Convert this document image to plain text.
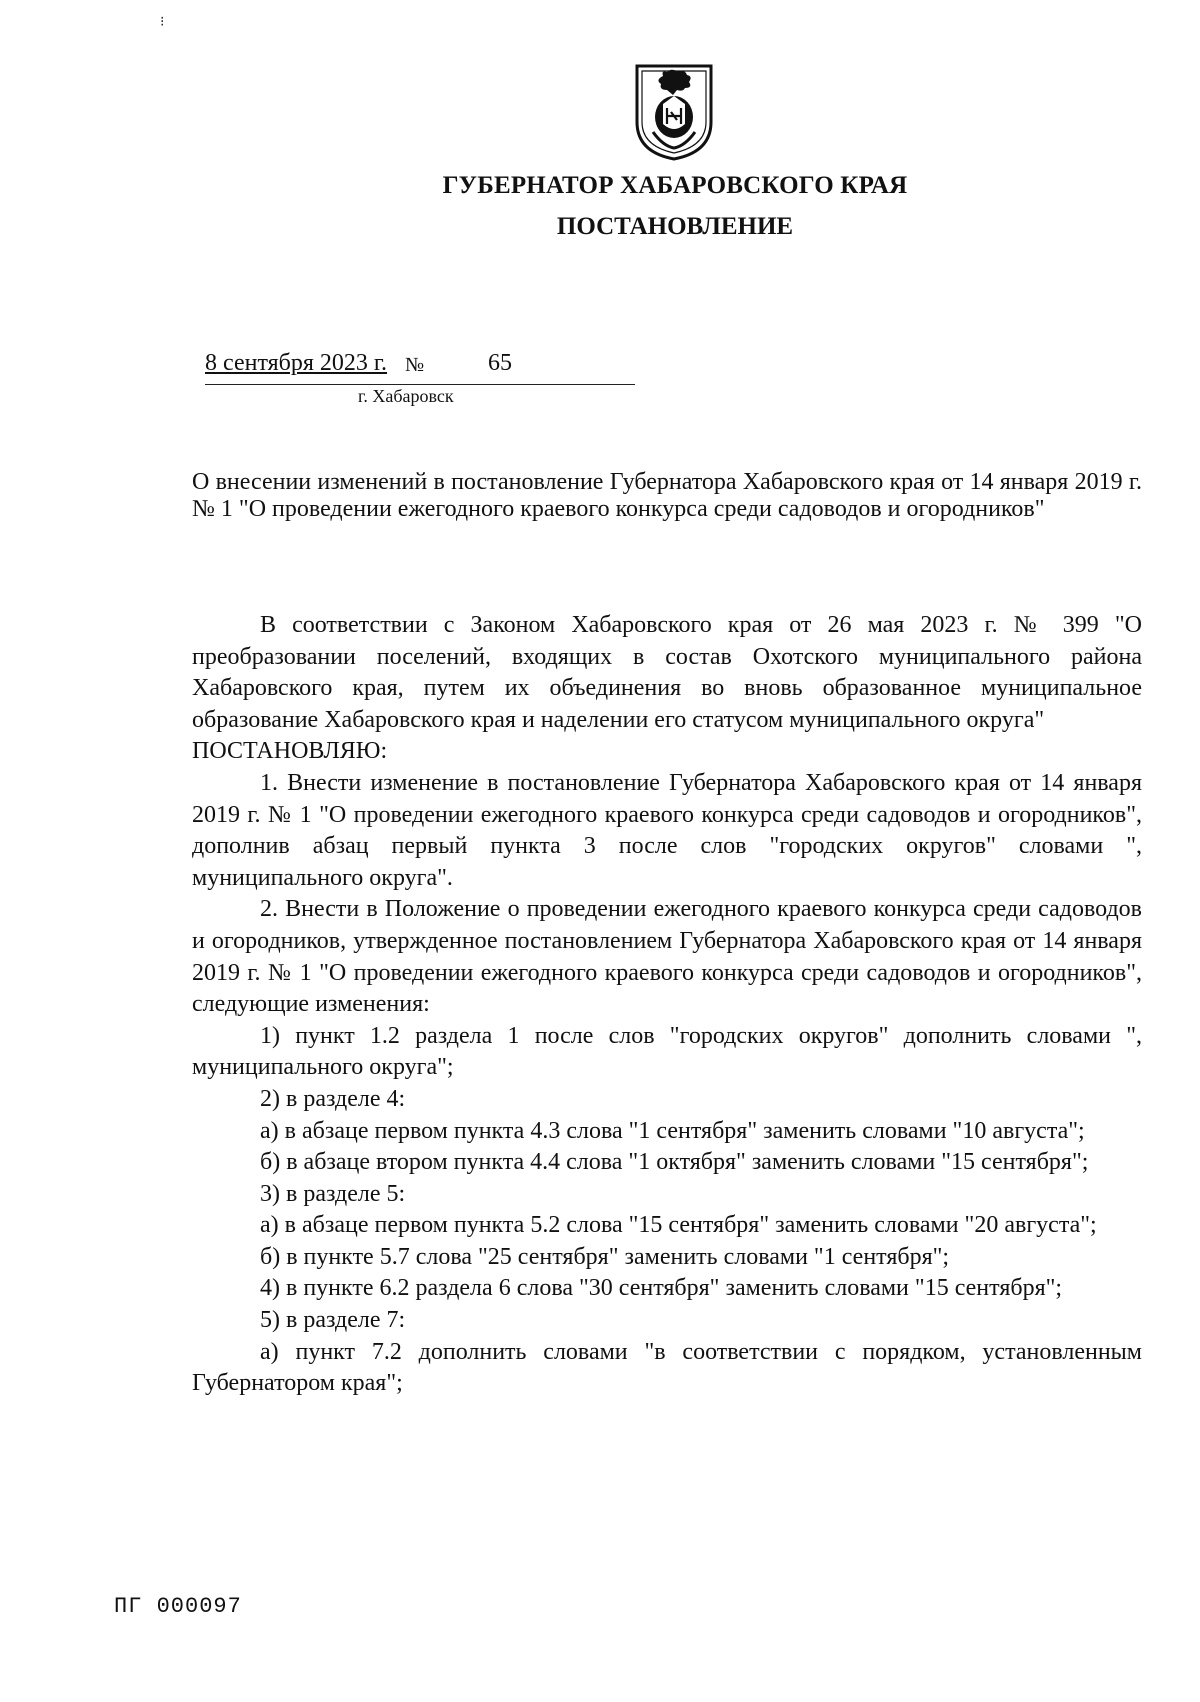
⁝
ГУБЕРНАТОР ХАБАРОВСКОГО КРАЯ
ПОСТАНОВЛЕНИЕ
8 сентября 2023 г. №	65
г. Хабаровск
О внесении изменений в постановление Губернатора Хабаровского края от 14 января 2019 г. № 1 "О проведении ежегодного краевого конкурса среди садоводов и огородников"

В соответствии с Законом Хабаровского края от 26 мая 2023 г. № 399 "О преобразовании поселений, входящих в состав Охотского муниципального района Хабаровского края, путем их объединения во вновь образованное муниципальное образование Хабаровского края и наделении его статусом муниципального округа"

ПОСТАНОВЛЯЮ:

1. Внести изменение в постановление Губернатора Хабаровского края от 14 января 2019 г. № 1 "О проведении ежегодного краевого конкурса среди садоводов и огородников", дополнив абзац первый пункта 3 после слов "городских округов" словами ", муниципального округа".

2. Внести в Положение о проведении ежегодного краевого конкурса среди садоводов и огородников, утвержденное постановлением Губернатора Хабаровского края от 14 января 2019 г. № 1 "О проведении ежегодного краевого конкурса среди садоводов и огородников", следующие изменения:

1) пункт 1.2 раздела 1 после слов "городских округов" дополнить словами ", муниципального округа";

2) в разделе 4:

а) в абзаце первом пункта 4.3 слова "1 сентября" заменить словами "10 августа";

б) в абзаце втором пункта 4.4 слова "1 октября" заменить словами "15 сентября";

3) в разделе 5:

а) в абзаце первом пункта 5.2 слова "15 сентября" заменить словами "20 августа";

б) в пункте 5.7 слова "25 сентября" заменить словами "1 сентября";

4) в пункте 6.2 раздела 6 слова "30 сентября" заменить словами "15 сентября";

5) в разделе 7:

а) пункт 7.2 дополнить словами "в соответствии с порядком, установленным Губернатором края";

ПГ 000097
